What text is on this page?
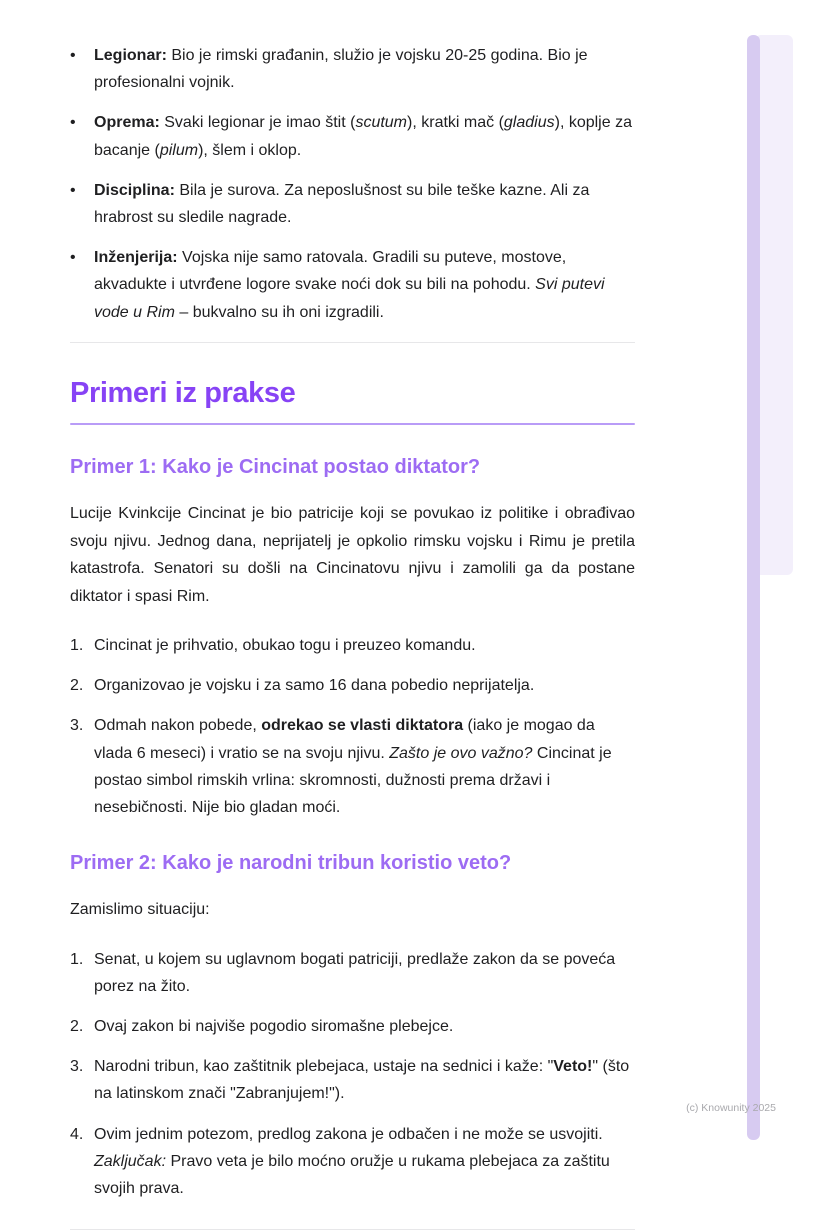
•	Legionar: Bio je rimski građanin, služio je vojsku 20-25 godina. Bio je profesionalni vojnik.
•	Oprema: Svaki legionar je imao štit (scutum), kratki mač (gladius), koplje za bacanje (pilum), šlem i oklop.
•	Disciplina: Bila je surova. Za neposlušnost su bile teške kazne. Ali za hrabrost su sledile nagrade.
•	Inženjerija: Vojska nije samo ratovala. Gradili su puteve, mostove, akvadukte i utvrđene logore svake noći dok su bili na pohodu. Svi putevi vode u Rim – bukvalno su ih oni izgradili.
Primeri iz prakse
Primer 1: Kako je Cincinat postao diktator?

Lucije Kvinkcije Cincinat je bio patricije koji se povukao iz politike i obrađivao svoju njivu. Jednog dana, neprijatelj je opkolio rimsku vojsku i Rimu je pretila katastrofa. Senatori su došli na Cincinatovu njivu i zamolili ga da postane diktator i spasi Rim.

1. Cincinat je prihvatio, obukao togu i preuzeo komandu.
2. Organizovao je vojsku i za samo 16 dana pobedio neprijatelja.
3. Odmah nakon pobede, odrekao se vlasti diktatora (iako je mogao da vlada 6 meseci) i vratio se na svoju njivu. Zašto je ovo važno? Cincinat je postao simbol rimskih vrlina: skromnosti, dužnosti prema državi i nesebičnosti. Nije bio gladan moći.
Primer 2: Kako je narodni tribun koristio veto?

Zamislimo situaciju:

1. Senat, u kojem su uglavnom bogati patriciji, predlaže zakon da se poveća porez na žito.
2. Ovaj zakon bi najviše pogodio siromašne plebejce.
3. Narodni tribun, kao zaštitnik plebejaca, ustaje na sednici i kaže: "Veto!" (što na latinskom znači "Zabranjujem!").
4. Ovim jednim potezom, predlog zakona je odbačen i ne može se usvojiti. Zaključak: Pravo veta je bilo moćno oružje u rukama plebejaca za zaštitu svojih prava.
(c) Knowunity 2025
